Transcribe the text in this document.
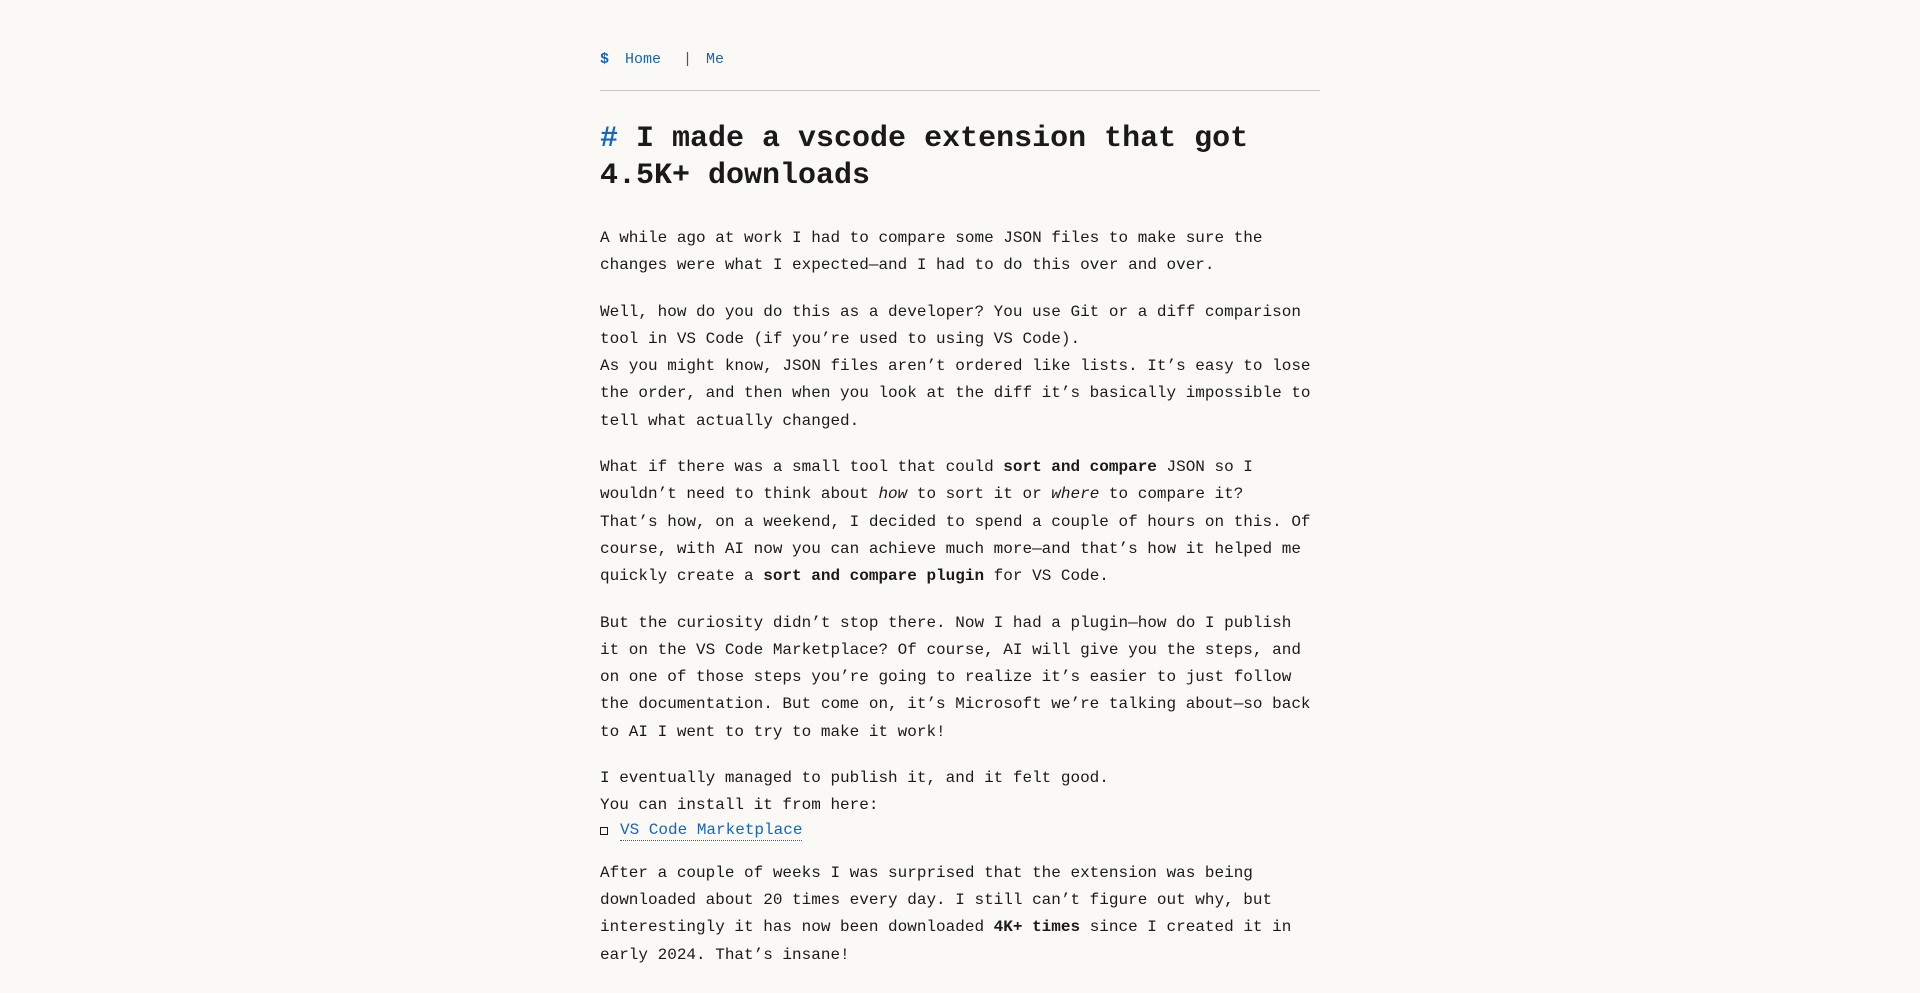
$ Home | Me
# I made a vscode extension that got 4.5K+ downloads

A while ago at work I had to compare some JSON files to make sure the changes were what I expected—and I had to do this over and over.

Well, how do you do this as a developer? You use Git or a diff comparison tool in VS Code (if you’re used to using VS Code).
As you might know, JSON files aren’t ordered like lists. It’s easy to lose the order, and then when you look at the diff it’s basically impossible to tell what actually changed.

What if there was a small tool that could sort and compare JSON so I wouldn’t need to think about how to sort it or where to compare it?
That’s how, on a weekend, I decided to spend a couple of hours on this. Of course, with AI now you can achieve much more—and that’s how it helped me quickly create a sort and compare plugin for VS Code.

But the curiosity didn’t stop there. Now I had a plugin—how do I publish it on the VS Code Marketplace? Of course, AI will give you the steps, and on one of those steps you’re going to realize it’s easier to just follow the documentation. But come on, it’s Microsoft we’re talking about—so back to AI I went to try to make it work!

I eventually managed to publish it, and it felt good.
You can install it from here:

VS Code Marketplace

After a couple of weeks I was surprised that the extension was being downloaded about 20 times every day. I still can’t figure out why, but interestingly it has now been downloaded 4K+ times since I created it in early 2024. That’s insane!
